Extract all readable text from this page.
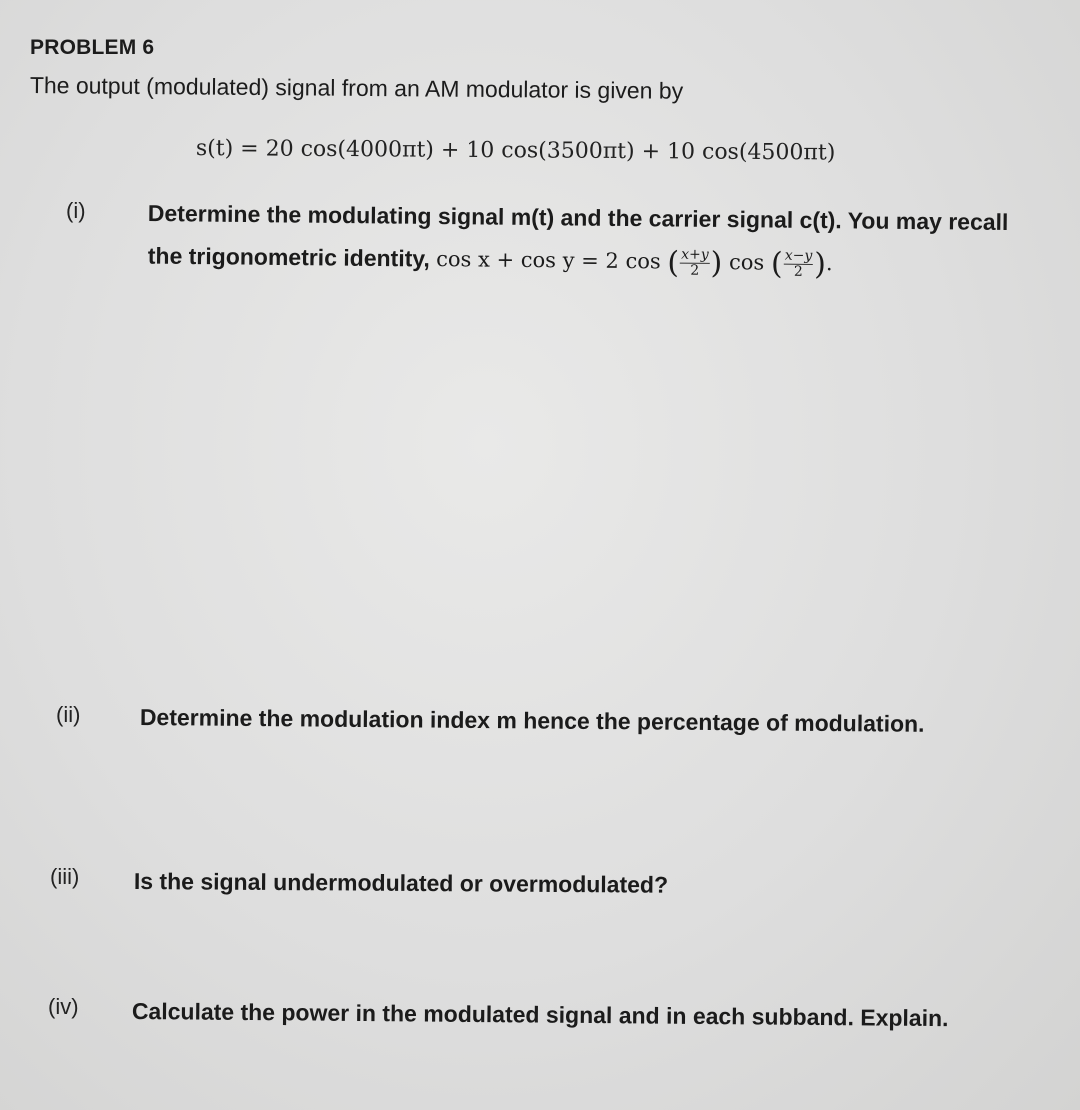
PROBLEM 6
The output (modulated) signal from an AM modulator is given by
s(t) = 20 cos(4000πt) + 10 cos(3500πt) + 10 cos(4500πt)
(i)	Determine the modulating signal m(t) and the carrier signal c(t). You may recall
the trigonometric identity, cos x + cos y = 2 cos ( $\frac{x+y}{2}$ ) cos ( $\frac{x-y}{2}$ ).
(ii)	Determine the modulation index m hence the percentage of modulation.
(iii) Is the signal undermodulated or overmodulated?
(iv) Calculate the power in the modulated signal and in each subband. Explain.
